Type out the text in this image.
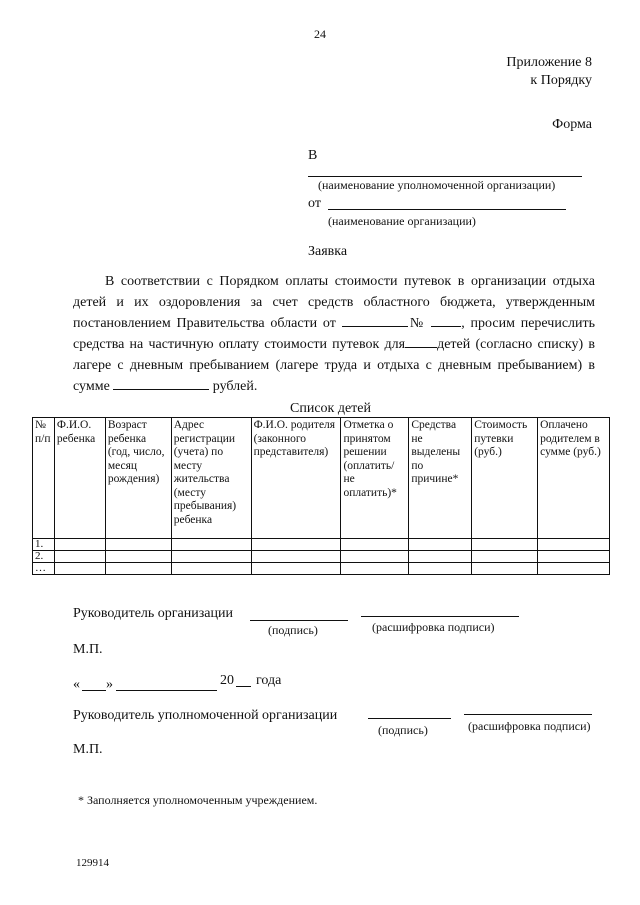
24
Приложение 8
к Порядку
Форма
В
(наименование уполномоченной организации)
от
(наименование организации)
Заявка
В соответствии с Порядком оплаты стоимости путевок в организации отдыха детей и их оздоровления за счет средств областного бюджета, утвержденным постановлением Правительства области от	№	, просим перечислить средства на частичную оплату стоимости путевок для детей (согласно списку) в лагере с дневным пребыванием (лагере труда и отдыха с дневным пребыванием) в сумме	рублей.
Список детей
№ п/п	Ф.И.О. ребенка	Возраст ребенка (год, число, месяц рождения)	Адрес регистрации (учета) по месту жительства (месту пребывания) ребенка	Ф.И.О. родителя (законного представителя)	Отметка о принятом решении (оплатить/ не оплатить)*	Средства не выделены по причине*	Стоимость путевки (руб.)	Оплачено родителем в сумме (руб.)
1.								
2.								
…								
Руководитель организации
(подпись)	(расшифровка подписи)
М.П.
« »	20 года
Руководитель уполномоченной организации
(подпись)	(расшифровка подписи)
М.П.
* Заполняется уполномоченным учреждением.
129914
